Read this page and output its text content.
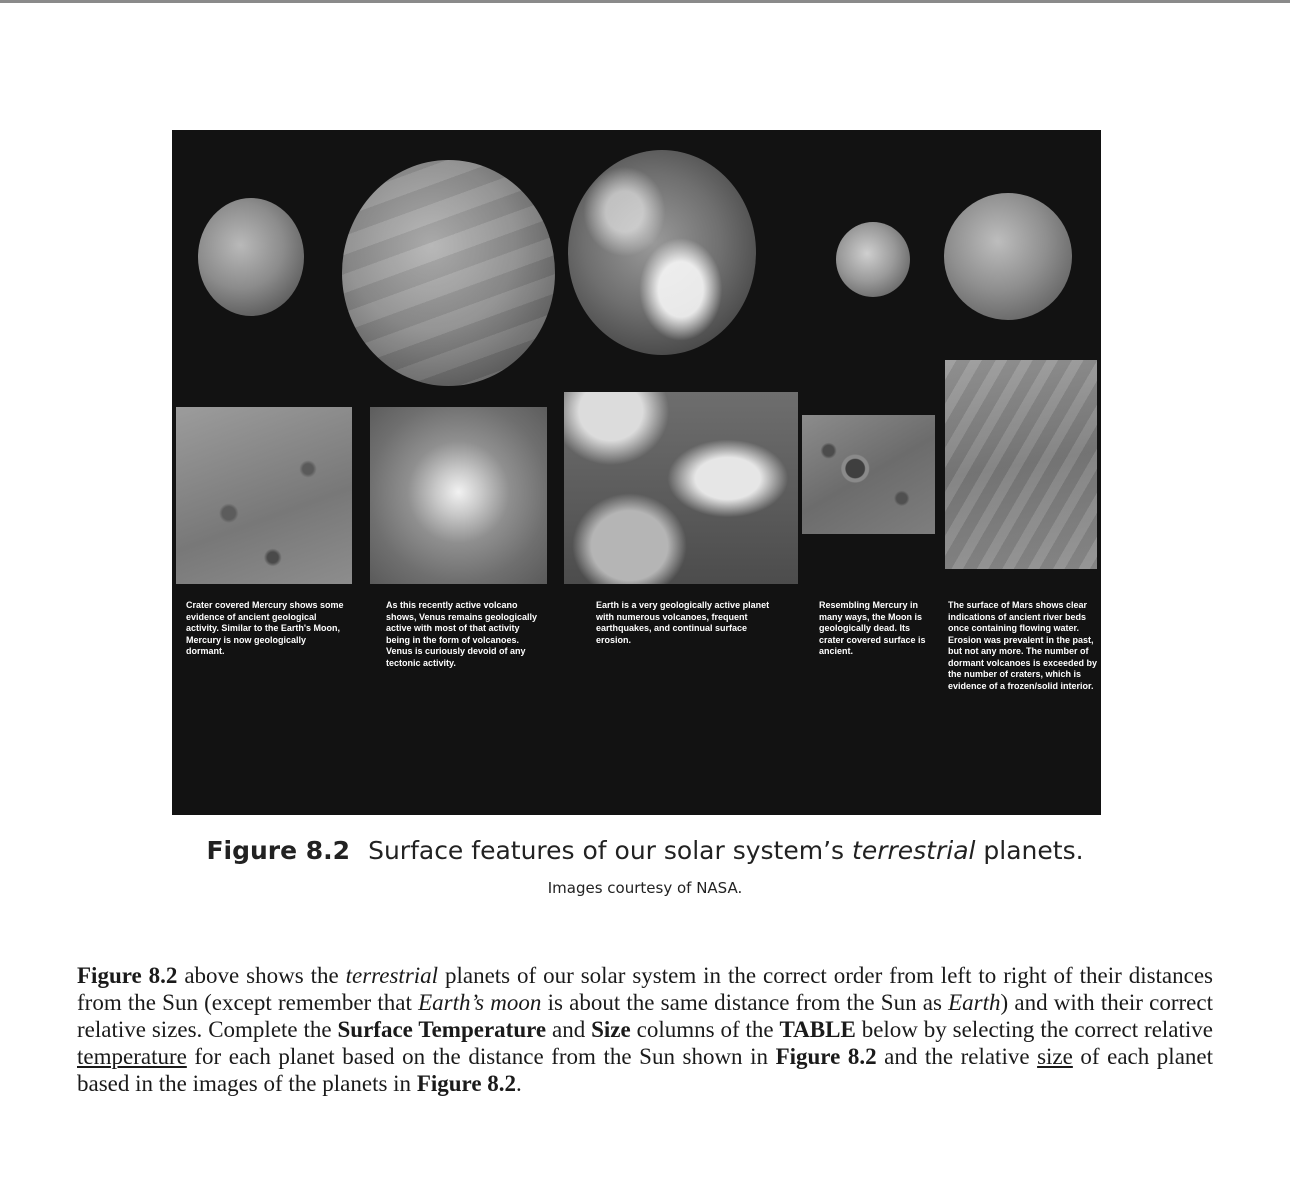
Crater covered Mercury shows some evidence of ancient geological activity. Similar to the Earth's Moon, Mercury is now geologically dormant.

As this recently active volcano shows, Venus remains geologically active with most of that activity being in the form of volcanoes. Venus is curiously devoid of any tectonic activity.

Earth is a very geologically active planet with numerous volcanoes, frequent earthquakes, and continual surface erosion.

Resembling Mercury in many ways, the Moon is geologically dead. Its crater covered surface is ancient.

The surface of Mars shows clear indications of ancient river beds once containing flowing water. Erosion was prevalent in the past, but not any more. The number of dormant volcanoes is exceeded by the number of craters, which is evidence of a frozen/solid interior.

Figure 8.2 Surface features of our solar system’s terrestrial planets.
Images courtesy of NASA.

Figure 8.2 above shows the terrestrial planets of our solar system in the correct order from left to right of their distances from the Sun (except remember that Earth’s moon is about the same distance from the Sun as Earth) and with their correct relative sizes. Complete the Surface Temperature and Size columns of the TABLE below by selecting the correct relative temperature for each planet based on the distance from the Sun shown in Figure 8.2 and the relative size of each planet based in the images of the planets in Figure 8.2.
